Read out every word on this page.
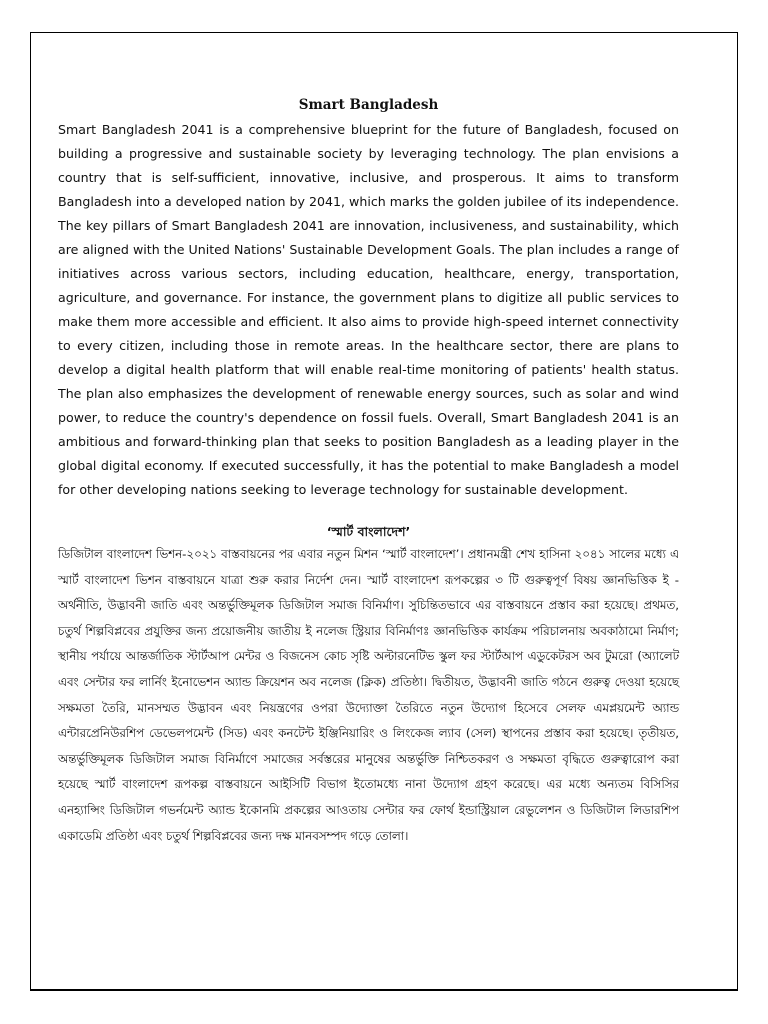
Smart Bangladesh

Smart Bangladesh 2041 is a comprehensive blueprint for the future of Bangladesh, focused on building a progressive and sustainable society by leveraging technology. The plan envisions a country that is self-sufficient, innovative, inclusive, and prosperous. It aims to transform Bangladesh into a developed nation by 2041, which marks the golden jubilee of its independence. The key pillars of Smart Bangladesh 2041 are innovation, inclusiveness, and sustainability, which are aligned with the United Nations' Sustainable Development Goals. The plan includes a range of initiatives across various sectors, including education, healthcare, energy, transportation, agriculture, and governance. For instance, the government plans to digitize all public services to make them more accessible and efficient. It also aims to provide high-speed internet connectivity to every citizen, including those in remote areas. In the healthcare sector, there are plans to develop a digital health platform that will enable real-time monitoring of patients' health status. The plan also emphasizes the development of renewable energy sources, such as solar and wind power, to reduce the country's dependence on fossil fuels. Overall, Smart Bangladesh 2041 is an ambitious and forward-thinking plan that seeks to position Bangladesh as a leading player in the global digital economy. If executed successfully, it has the potential to make Bangladesh a model for other developing nations seeking to leverage technology for sustainable development.

‘স্মার্ট বাংলাদেশ’

ডিজিটাল বাংলাদেশ ভিশন-২০২১ বাস্তবায়নের পর এবার নতুন মিশন ‘স্মার্ট বাংলাদেশ’। প্রধানমন্ত্রী শেখ হাসিনা ২০৪১ সালের মধ্যে এ স্মার্ট বাংলাদেশ ভিশন বাস্তবায়নে যাত্রা শুরু করার নির্দেশ দেন। স্মার্ট বাংলাদেশ রূপকল্পের ৩ টি গুরুত্বপূর্ণ বিষয় জ্ঞানভিত্তিক ই - অর্থনীতি, উদ্ভাবনী জাতি এবং অন্তর্ভুক্তিমূলক ডিজিটাল সমাজ বিনির্মাণ। সুচিন্তিতভাবে এর বাস্তবায়নে প্রস্তাব করা হয়েছে। প্রথমত, চতুর্থ শিল্পবিপ্লবের প্রযুক্তির জন্য প্রয়োজনীয় জাতীয় ই নলেজ স্ট্রিয়ার বিনির্মাণঃ জ্ঞানভিত্তিক কার্যক্রম পরিচালনায় অবকাঠামো নির্মাণ; স্থানীয় পর্যায়ে আন্তর্জাতিক স্টার্টআপ মেন্টর ও বিজনেস কোচ সৃষ্টি অল্টারনেটিভ স্কুল ফর স্টার্টআপ এডুকেটরস অব টুমরো (অ্যালেট এবং সেন্টার ফর লার্নিং ইনোভেশন অ্যান্ড ক্রিয়েশন অব নলেজ (ক্লিক) প্রতিষ্ঠা। দ্বিতীয়ত, উদ্ভাবনী জাতি গঠনে গুরুত্ব দেওয়া হয়েছে সক্ষমতা তৈরি, মানসম্মত উদ্ভাবন এবং নিয়ন্ত্রণের ওপরা উদ্যোক্তা তৈরিতে নতুন উদ্যোগ হিসেবে সেলফ এমপ্লয়মেন্ট অ্যান্ড এন্টারপ্রেনিউরশিপ ডেভেলপমেন্ট (সিড) এবং কনটেন্ট ইঞ্জিনিয়ারিং ও লিংকেজ ল্যাব (সেল) স্থাপনের প্রস্তাব করা হয়েছে। তৃতীয়ত, অন্তর্ভুক্তিমূলক ডিজিটাল সমাজ বিনির্মাণে সমাজের সর্বস্তরের মানুষের অন্তর্ভুক্তি নিশ্চিতকরণ ও সক্ষমতা বৃদ্ধিতে গুরুত্বারোপ করা হয়েছে স্মার্ট বাংলাদেশ রূপকল্প বাস্তবায়নে আইসিটি বিভাগ ইতোমধ্যে নানা উদ্যোগ গ্রহণ করেছে। এর মধ্যে অন্যতম বিসিসির এনহ্যান্সিং ডিজিটাল গভর্নমেন্ট অ্যান্ড ইকোনমি প্রকল্পের আওতায় সেন্টার ফর ফোর্থ ইন্ডাস্ট্রিয়াল রেভুলেশন ও ডিজিটাল লিডারশিপ একাডেমি প্রতিষ্ঠা এবং চতুর্থ শিল্পবিপ্লবের জন্য দক্ষ মানবসম্পদ গড়ে তোলা।
